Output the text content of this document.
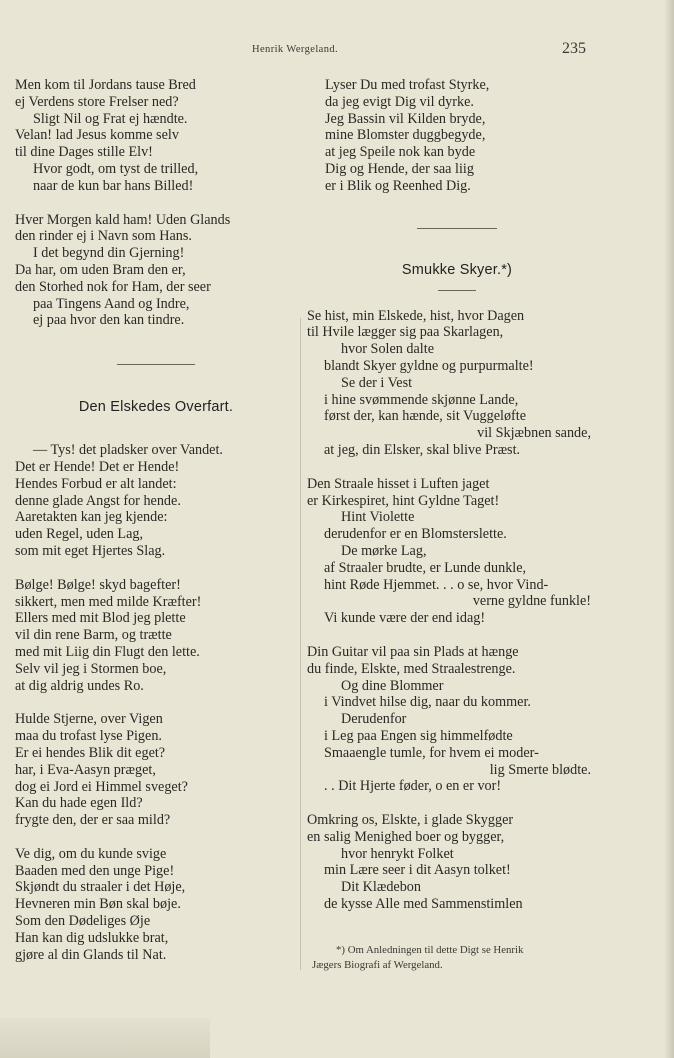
Henrik Wergeland.	235
Men kom til Jordans tause Bred
ej Verdens store Frelser ned?
Sligt Nil og Frat ej hændte.
Velan! lad Jesus komme selv
til dine Dages stille Elv!
Hvor godt, om tyst de trilled,
naar de kun bar hans Billed!
Hver Morgen kald ham! Uden Glands
den rinder ej i Navn som Hans.
I det begynd din Gjerning!
Da har, om uden Bram den er,
den Storhed nok for Ham, der seer
paa Tingens Aand og Indre,
ej paa hvor den kan tindre.
Den Elskedes Overfart.
— Tys! det pladsker over Vandet.
Det er Hende! Det er Hende!
Hendes Forbud er alt landet:
denne glade Angst for hende.
Aaretakten kan jeg kjende:
uden Regel, uden Lag,
som mit eget Hjertes Slag.
Bølge! Bølge! skyd bagefter!
sikkert, men med milde Kræfter!
Ellers med mit Blod jeg plette
vil din rene Barm, og trætte
med mit Liig din Flugt den lette.
Selv vil jeg i Stormen boe,
at dig aldrig undes Ro.
Hulde Stjerne, over Vigen
maa du trofast lyse Pigen.
Er ei hendes Blik dit eget?
har, i Eva-Aasyn præget,
dog ei Jord ei Himmel sveget?
Kan du hade egen Ild?
frygte den, der er saa mild?
Ve dig, om du kunde svige
Baaden med den unge Pige!
Skjøndt du straaler i det Høje,
Hevneren min Bøn skal bøje.
Som den Dødeliges Øje
Han kan dig udslukke brat,
gjøre al din Glands til Nat.
Lyser Du med trofast Styrke,
da jeg evigt Dig vil dyrke.
Jeg Bassin vil Kilden bryde,
mine Blomster duggbegyde,
at jeg Speile nok kan byde
Dig og Hende, der saa liig
er i Blik og Reenhed Dig.
Smukke Skyer.*)
Se hist, min Elskede, hist, hvor Dagen
til Hvile lægger sig paa Skarlagen,
hvor Solen dalte
blandt Skyer gyldne og purpurmalte!
Se der i Vest
i hine svømmende skjønne Lande,
først der, kan hænde, sit Vuggeløfte
vil Skjæbnen sande,
at jeg, din Elsker, skal blive Præst.
Den Straale hisset i Luften jaget
er Kirkespiret, hint Gyldne Taget!
Hint Violette
derudenfor er en Blomsterslette.
De mørke Lag,
af Straaler brudte, er Lunde dunkle,
hint Røde Hjemmet. . . o se, hvor Vind-
verne gyldne funkle!
Vi kunde være der end idag!
Din Guitar vil paa sin Plads at hænge
du finde, Elskte, med Straalestrenge.
Og dine Blommer
i Vindvet hilse dig, naar du kommer.
Derudenfor
i Leg paa Engen sig himmelfødte
Smaaengle tumle, for hvem ei moder-
lig Smerte blødte.
. . Dit Hjerte føder, o en er vor!
Omkring os, Elskte, i glade Skygger
en salig Menighed boer og bygger,
hvor henrykt Folket
min Lære seer i dit Aasyn tolket!
Dit Klædebon
de kysse Alle med Sammenstimlen
*) Om Anledningen til dette Digt se Henrik
Jægers Biografi af Wergeland.
